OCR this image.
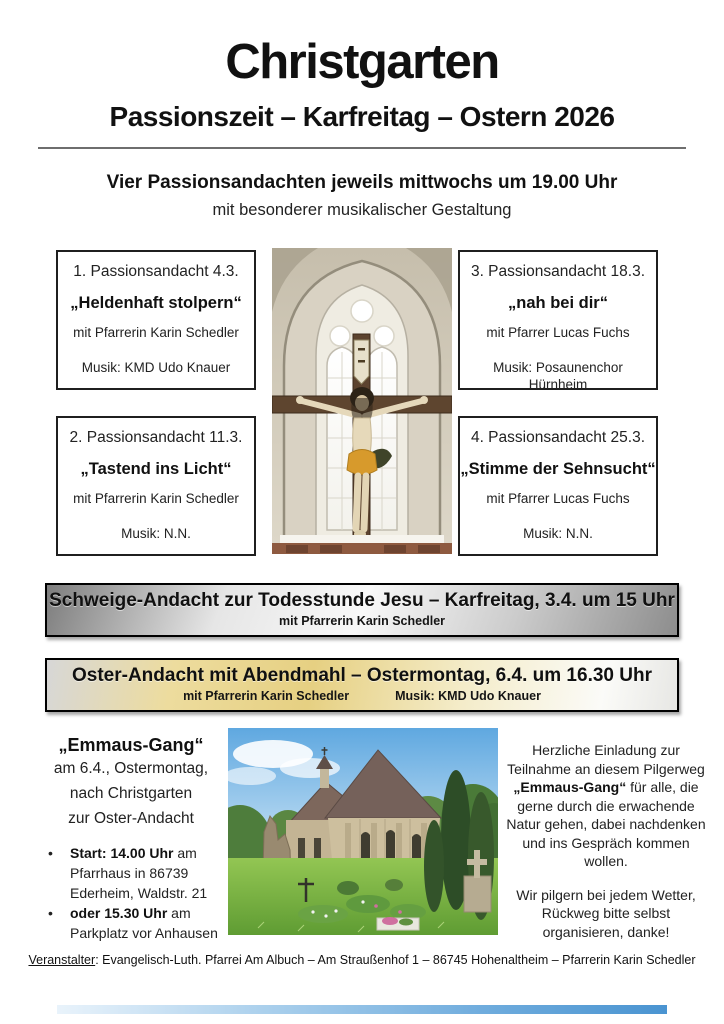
Christgarten
Passionszeit – Karfreitag – Ostern 2026
Vier Passionsandachten jeweils mittwochs um 19.00 Uhr
mit besonderer musikalischer Gestaltung
1. Passionsandacht 4.3.
„Heldenhaft stolpern“
mit Pfarrerin Karin Schedler
Musik: KMD Udo Knauer
2. Passionsandacht 11.3.
„Tastend ins Licht“
mit Pfarrerin Karin Schedler
Musik: N.N.
3. Passionsandacht 18.3.
„nah bei dir“
mit Pfarrer Lucas Fuchs
Musik: Posaunenchor Hürnheim
4. Passionsandacht 25.3.
„Stimme der Sehnsucht“
mit Pfarrer Lucas Fuchs
Musik: N.N.
Schweige-Andacht zur Todesstunde Jesu – Karfreitag, 3.4. um 15 Uhr
mit Pfarrerin Karin Schedler
Oster-Andacht mit Abendmahl – Ostermontag, 6.4. um 16.30 Uhr
mit Pfarrerin Karin Schedler	Musik: KMD Udo Knauer
„Emmaus-Gang“
am 6.4., Ostermontag,
nach Christgarten
zur Oster-Andacht
•	Start: 14.00 Uhr am Pfarrhaus in 86739 Ederheim, Waldstr. 21
•	oder 15.30 Uhr am Parkplatz vor Anhausen
Herzliche Einladung zur Teilnahme an diesem Pilgerweg „Emmaus-Gang“ für alle, die gerne durch die erwachende Natur gehen, dabei nachdenken und ins Gespräch kommen wollen.
Wir pilgern bei jedem Wetter, Rückweg bitte selbst organisieren, danke!
Veranstalter: Evangelisch-Luth. Pfarrei Am Albuch – Am Straußenhof 1 – 86745 Hohenaltheim – Pfarrerin Karin Schedler
